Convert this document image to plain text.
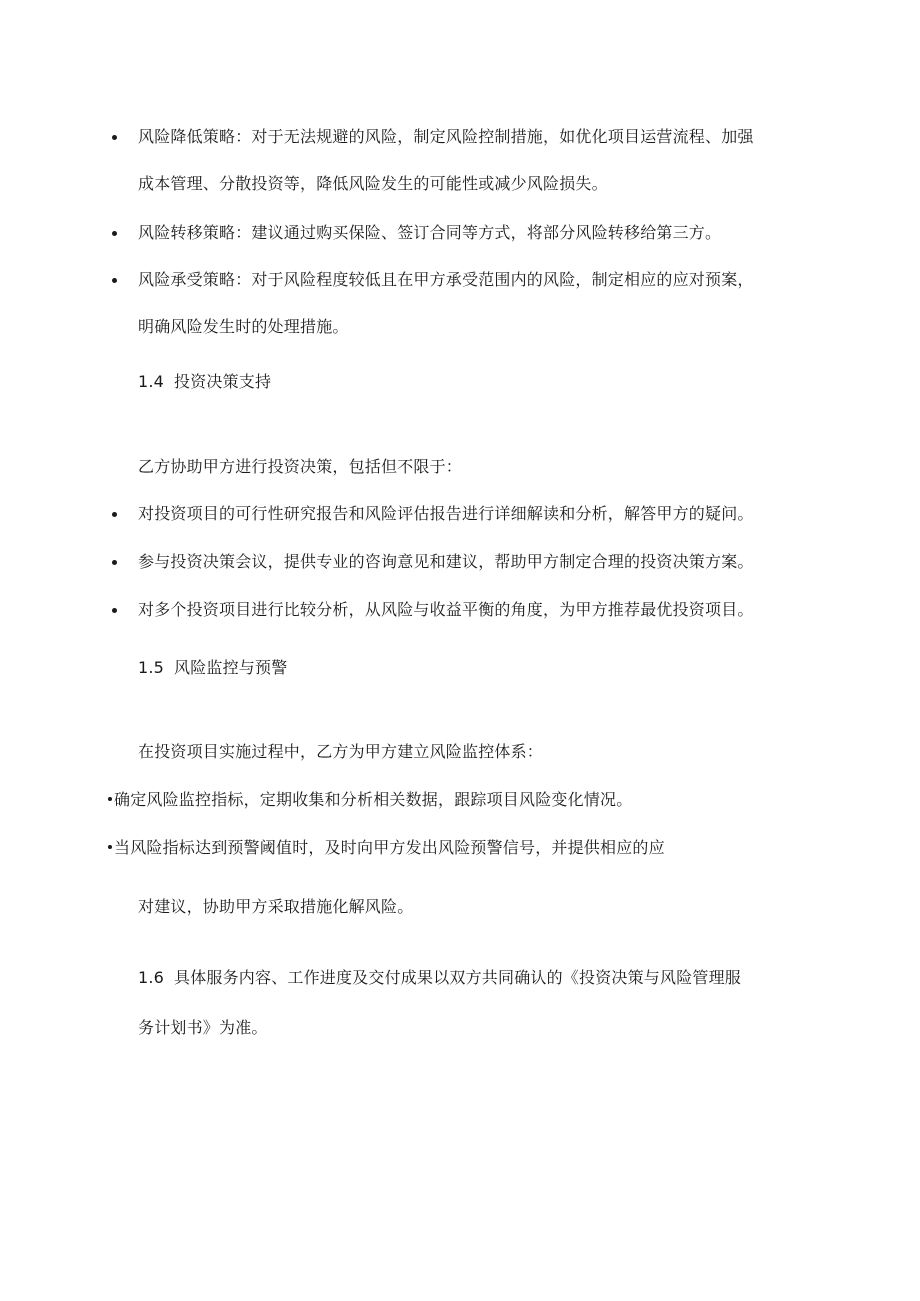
风险降低策略：对于无法规避的风险，制定风险控制措施，如优化项目运营流程、加强
成本管理、分散投资等，降低风险发生的可能性或减少风险损失。
风险转移策略：建议通过购买保险、签订合同等方式，将部分风险转移给第三方。
风险承受策略：对于风险程度较低且在甲方承受范围内的风险，制定相应的应对预案，
明确风险发生时的处理措施。
1.4 投资决策支持
乙方协助甲方进行投资决策，包括但不限于：
对投资项目的可行性研究报告和风险评估报告进行详细解读和分析，解答甲方的疑问。
参与投资决策会议，提供专业的咨询意见和建议，帮助甲方制定合理的投资决策方案。
对多个投资项目进行比较分析，从风险与收益平衡的角度，为甲方推荐最优投资项目。
1.5 风险监控与预警
在投资项目实施过程中，乙方为甲方建立风险监控体系：
确定风险监控指标，定期收集和分析相关数据，跟踪项目风险变化情况。
当风险指标达到预警阈值时，及时向甲方发出风险预警信号，并提供相应的应
对建议，协助甲方采取措施化解风险。
1.6 具体服务内容、工作进度及交付成果以双方共同确认的《投资决策与风险管理服
务计划书》为准。
